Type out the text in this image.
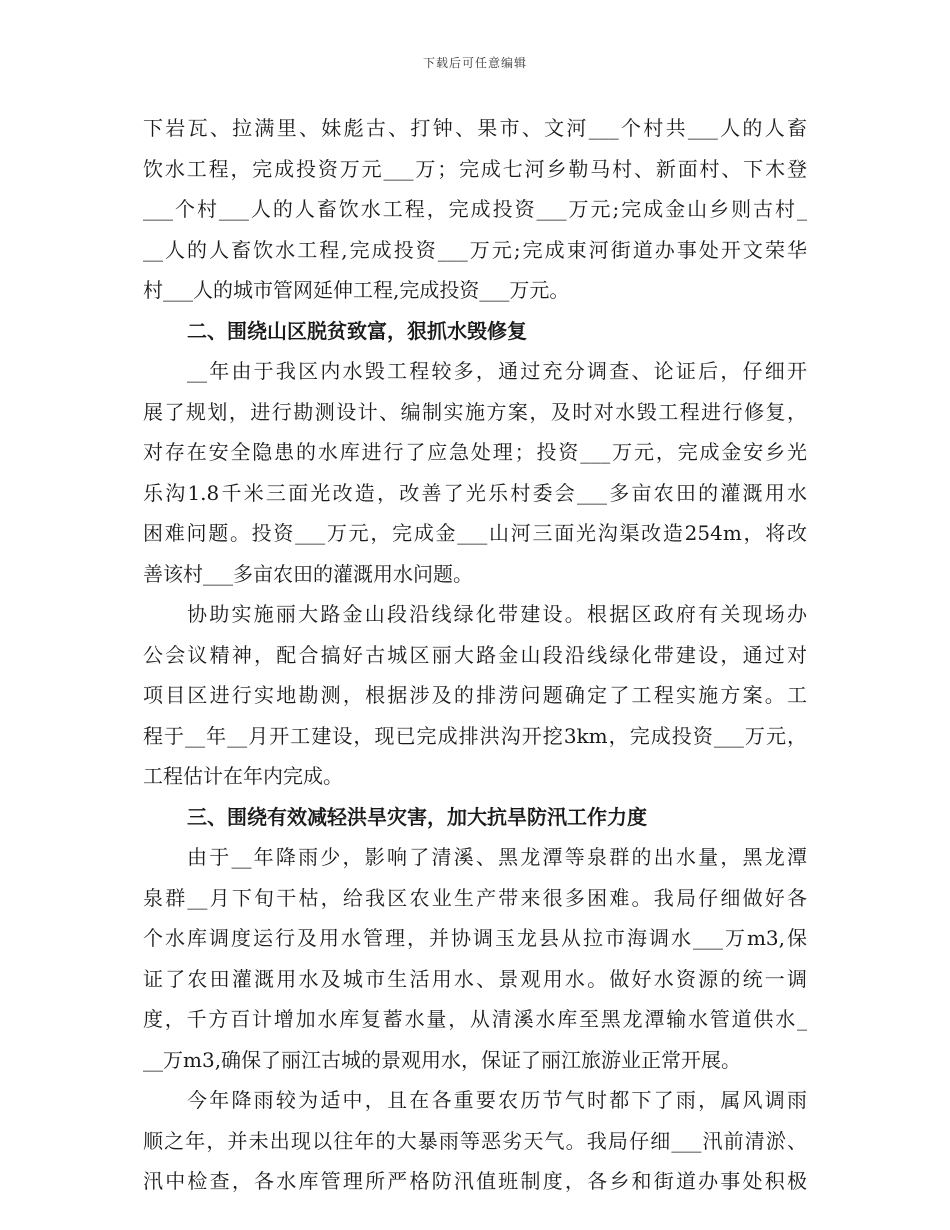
下载后可任意编辑
下岩瓦、拉满里、妹彪古、打钟、果市、文河___个村共___人的人畜
饮水工程，完成投资万元___万；完成七河乡勒马村、新面村、下木登
___个村___人的人畜饮水工程，完成投资___万元;完成金山乡则古村_
__人的人畜饮水工程,完成投资___万元;完成束河街道办事处开文荣华
村___人的城市管网延伸工程,完成投资___万元。
二、围绕山区脱贫致富，狠抓水毁修复
__年由于我区内水毁工程较多，通过充分调查、论证后，仔细开
展了规划，进行勘测设计、编制实施方案，及时对水毁工程进行修复，
对存在安全隐患的水库进行了应急处理；投资___万元，完成金安乡光
乐沟1.8千米三面光改造，改善了光乐村委会___多亩农田的灌溉用水
困难问题。投资___万元，完成金___山河三面光沟渠改造254m，将改
善该村___多亩农田的灌溉用水问题。
协助实施丽大路金山段沿线绿化带建设。根据区政府有关现场办
公会议精神，配合搞好古城区丽大路金山段沿线绿化带建设，通过对
项目区进行实地勘测，根据涉及的排涝问题确定了工程实施方案。工
程于__年__月开工建设，现已完成排洪沟开挖3km，完成投资___万元，
工程估计在年内完成。
三、围绕有效减轻洪旱灾害，加大抗旱防汛工作力度
由于__年降雨少，影响了清溪、黑龙潭等泉群的出水量，黑龙潭
泉群__月下旬干枯，给我区农业生产带来很多困难。我局仔细做好各
个水库调度运行及用水管理，并协调玉龙县从拉市海调水___万m3,保
证了农田灌溉用水及城市生活用水、景观用水。做好水资源的统一调
度，千方百计增加水库复蓄水量，从清溪水库至黑龙潭输水管道供水_
__万m3,确保了丽江古城的景观用水，保证了丽江旅游业正常开展。
今年降雨较为适中，且在各重要农历节气时都下了雨，属风调雨
顺之年，并未出现以往年的大暴雨等恶劣天气。我局仔细___汛前清淤、
汛中检查，各水库管理所严格防汛值班制度，各乡和街道办事处积极
